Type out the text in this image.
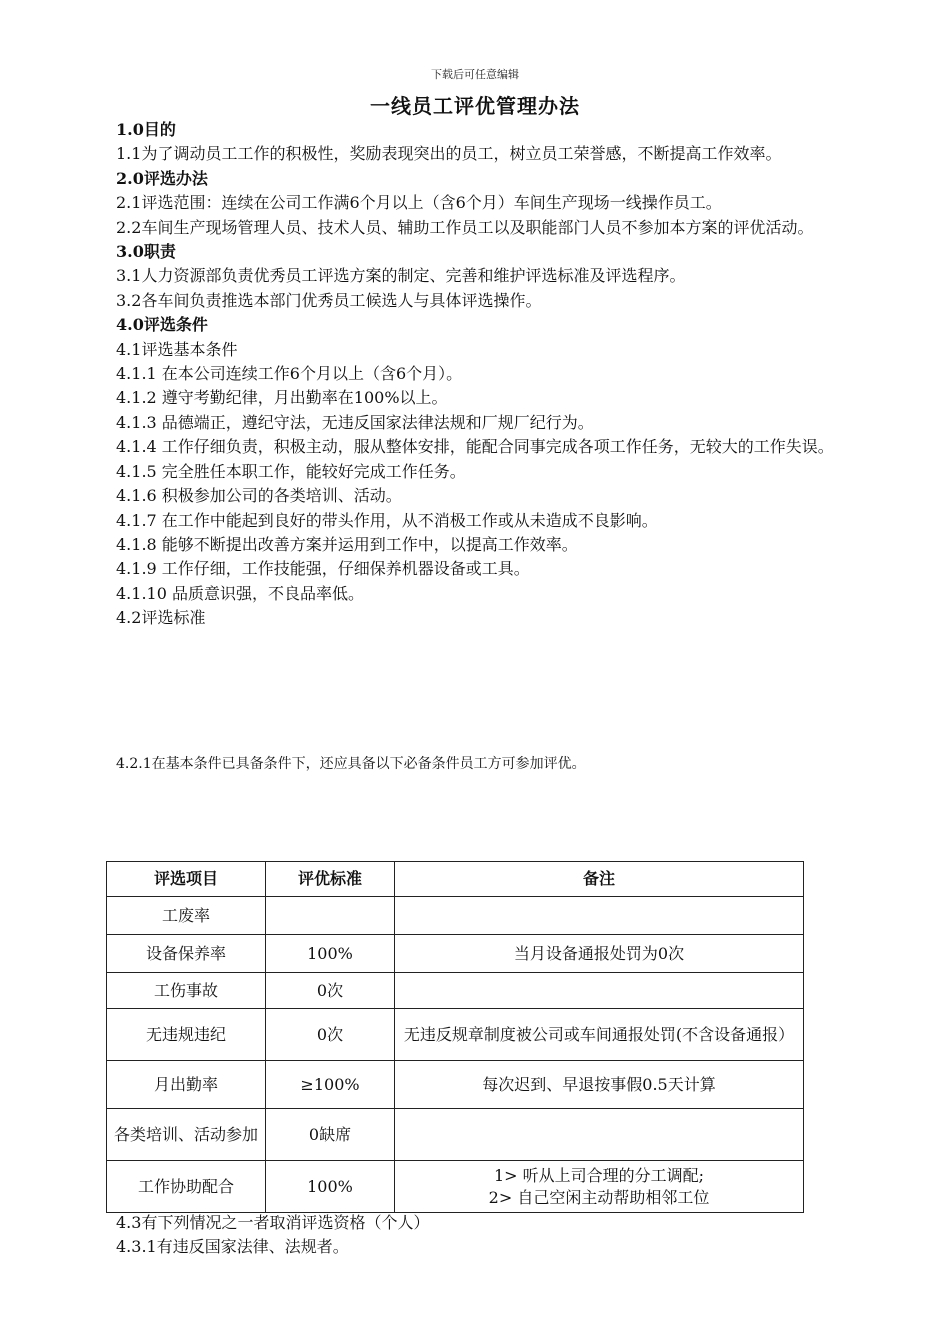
下载后可任意编辑
一线员工评优管理办法
1.0目的
1.1为了调动员工工作的积极性，奖励表现突出的员工，树立员工荣誉感，不断提高工作效率。
2.0评选办法
2.1评选范围：连续在公司工作满6个月以上（含6个月）车间生产现场一线操作员工。
2.2车间生产现场管理人员、技术人员、辅助工作员工以及职能部门人员不参加本方案的评优活动。
3.0职责
3.1人力资源部负责优秀员工评选方案的制定、完善和维护评选标准及评选程序。
3.2各车间负责推选本部门优秀员工候选人与具体评选操作。
4.0评选条件
4.1评选基本条件
4.1.1 在本公司连续工作6个月以上（含6个月）。
4.1.2 遵守考勤纪律，月出勤率在100%以上。
4.1.3 品德端正，遵纪守法，无违反国家法律法规和厂规厂纪行为。
4.1.4 工作仔细负责，积极主动，服从整体安排，能配合同事完成各项工作任务，无较大的工作失误。
4.1.5 完全胜任本职工作，能较好完成工作任务。
4.1.6 积极参加公司的各类培训、活动。
4.1.7 在工作中能起到良好的带头作用，从不消极工作或从未造成不良影响。
4.1.8 能够不断提出改善方案并运用到工作中，以提高工作效率。
4.1.9 工作仔细，工作技能强，仔细保养机器设备或工具。
4.1.10 品质意识强，不良品率低。
4.2评选标准
4.2.1在基本条件已具备条件下，还应具备以下必备条件员工方可参加评优。
评选项目	评优标准	备注
工废率		
设备保养率	100%	当月设备通报处罚为0次
工伤事故	0次	
无违规违纪	0次	无违反规章制度被公司或车间通报处罚(不含设备通报）
月出勤率	≥100%	每次迟到、早退按事假0.5天计算
各类培训、活动参加	0缺席	
工作协助配合	100%	1> 听从上司合理的分工调配;
2> 自己空闲主动帮助相邻工位
4.3有下列情况之一者取消评选资格（个人）
4.3.1有违反国家法律、法规者。
